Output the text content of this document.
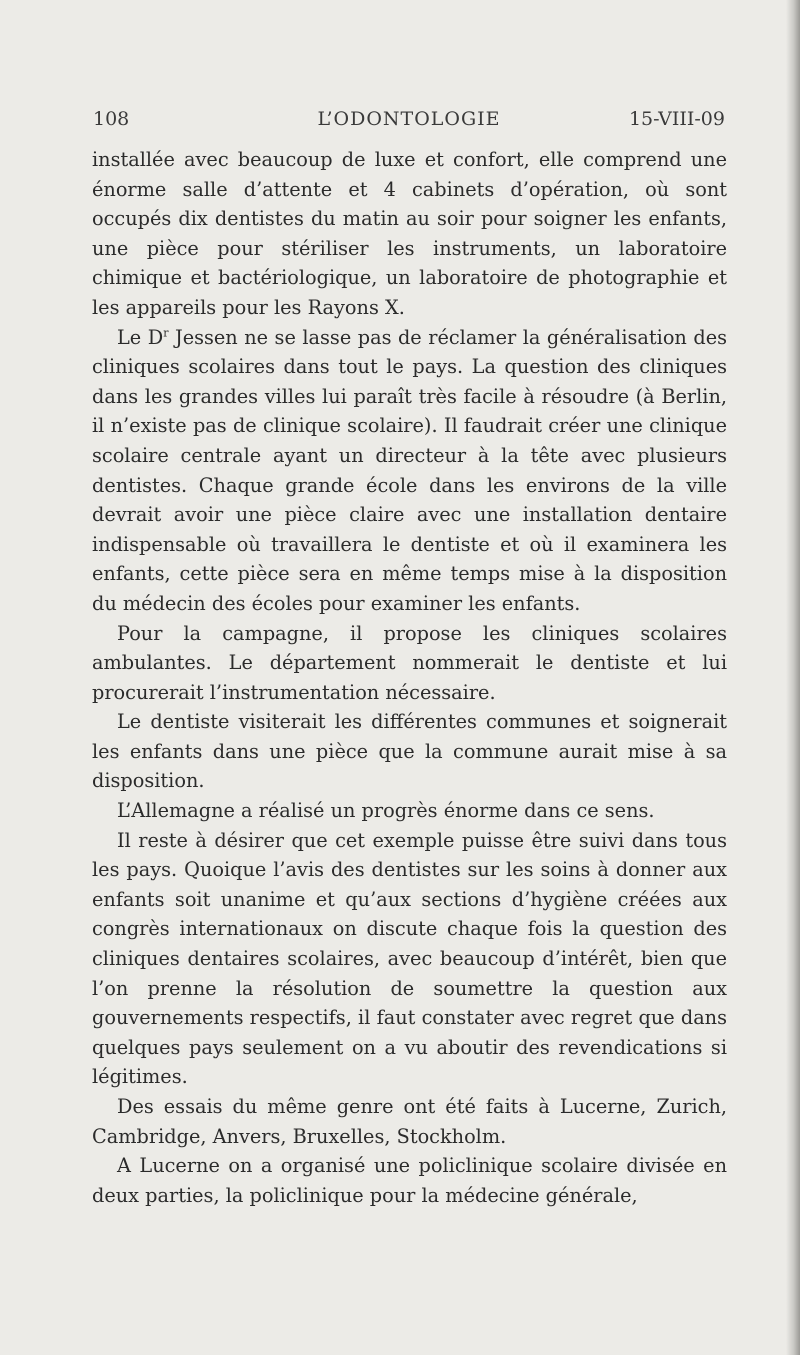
108	L’ODONTOLOGIE	15-VIII-09

installée avec beaucoup de luxe et confort, elle comprend une énorme salle d’attente et 4 cabinets d’opération, où sont occupés dix dentistes du matin au soir pour soigner les enfants, une pièce pour stériliser les instruments, un laboratoire chimique et bactériologique, un laboratoire de photographie et les appareils pour les Rayons X.

Le $D^r$ Jessen ne se lasse pas de réclamer la généralisation des cliniques scolaires dans tout le pays. La question des cliniques dans les grandes villes lui paraît très facile à résoudre (à Berlin, il n’existe pas de clinique scolaire). Il faudrait créer une clinique scolaire centrale ayant un directeur à la tête avec plusieurs dentistes. Chaque grande école dans les environs de la ville devrait avoir une pièce claire avec une installation dentaire indispensable où travaillera le dentiste et où il examinera les enfants, cette pièce sera en même temps mise à la disposition du médecin des écoles pour examiner les enfants.

Pour la campagne, il propose les cliniques scolaires ambulantes. Le département nommerait le dentiste et lui procurerait l’instrumentation nécessaire.

Le dentiste visiterait les différentes communes et soignerait les enfants dans une pièce que la commune aurait mise à sa disposition.

L’Allemagne a réalisé un progrès énorme dans ce sens.

Il reste à désirer que cet exemple puisse être suivi dans tous les pays. Quoique l’avis des dentistes sur les soins à donner aux enfants soit unanime et qu’aux sections d’hygiène créées aux congrès internationaux on discute chaque fois la question des cliniques dentaires scolaires, avec beaucoup d’intérêt, bien que l’on prenne la résolution de soumettre la question aux gouvernements respectifs, il faut constater avec regret que dans quelques pays seulement on a vu aboutir des revendications si légitimes.

Des essais du même genre ont été faits à Lucerne, Zurich, Cambridge, Anvers, Bruxelles, Stockholm.

A Lucerne on a organisé une policlinique scolaire divisée en deux parties, la policlinique pour la médecine générale,
